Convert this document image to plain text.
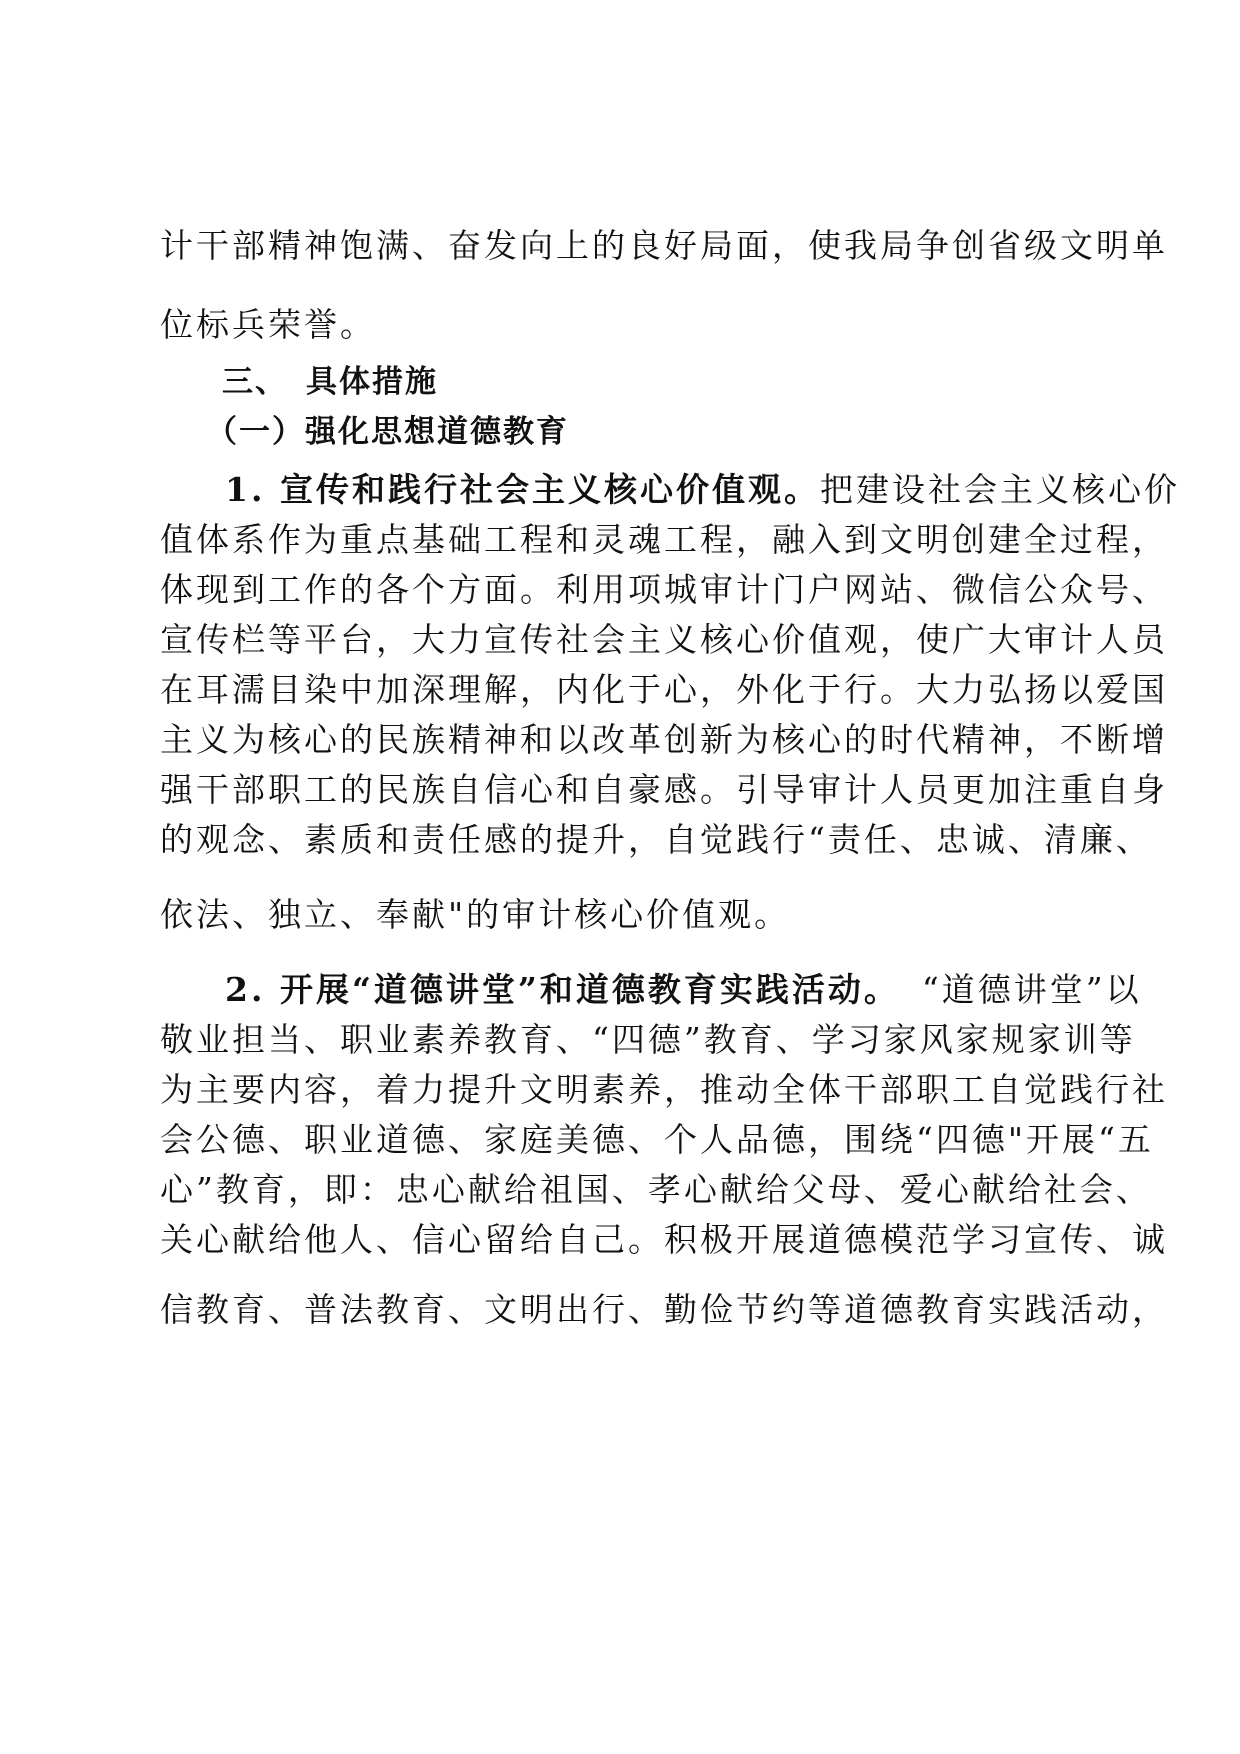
计干部精神饱满、奋发向上的良好局面，使我局争创省级文明单
位标兵荣誉。
三、 具体措施
（一）强化思想道德教育
1. 宣传和践行社会主义核心价值观。把建设社会主义核心价
值体系作为重点基础工程和灵魂工程，融入到文明创建全过程，
体现到工作的各个方面。利用项城审计门户网站、微信公众号、
宣传栏等平台，大力宣传社会主义核心价值观，使广大审计人员
在耳濡目染中加深理解，内化于心，外化于行。大力弘扬以爱国
主义为核心的民族精神和以改革创新为核心的时代精神，不断增
强干部职工的民族自信心和自豪感。引导审计人员更加注重自身
的观念、素质和责任感的提升，自觉践行“责任、忠诚、清廉、
依法、独立、奉献"的审计核心价值观。
2. 开展“道德讲堂”和道德教育实践活动。 “道德讲堂”以
敬业担当、职业素养教育、“四德”教育、学习家风家规家训等
为主要内容，着力提升文明素养，推动全体干部职工自觉践行社
会公德、职业道德、家庭美德、个人品德，围绕“四德"开展“五
心”教育，即：忠心献给祖国、孝心献给父母、爱心献给社会、
关心献给他人、信心留给自己。积极开展道德模范学习宣传、诚
信教育、普法教育、文明出行、勤俭节约等道德教育实践活动，
